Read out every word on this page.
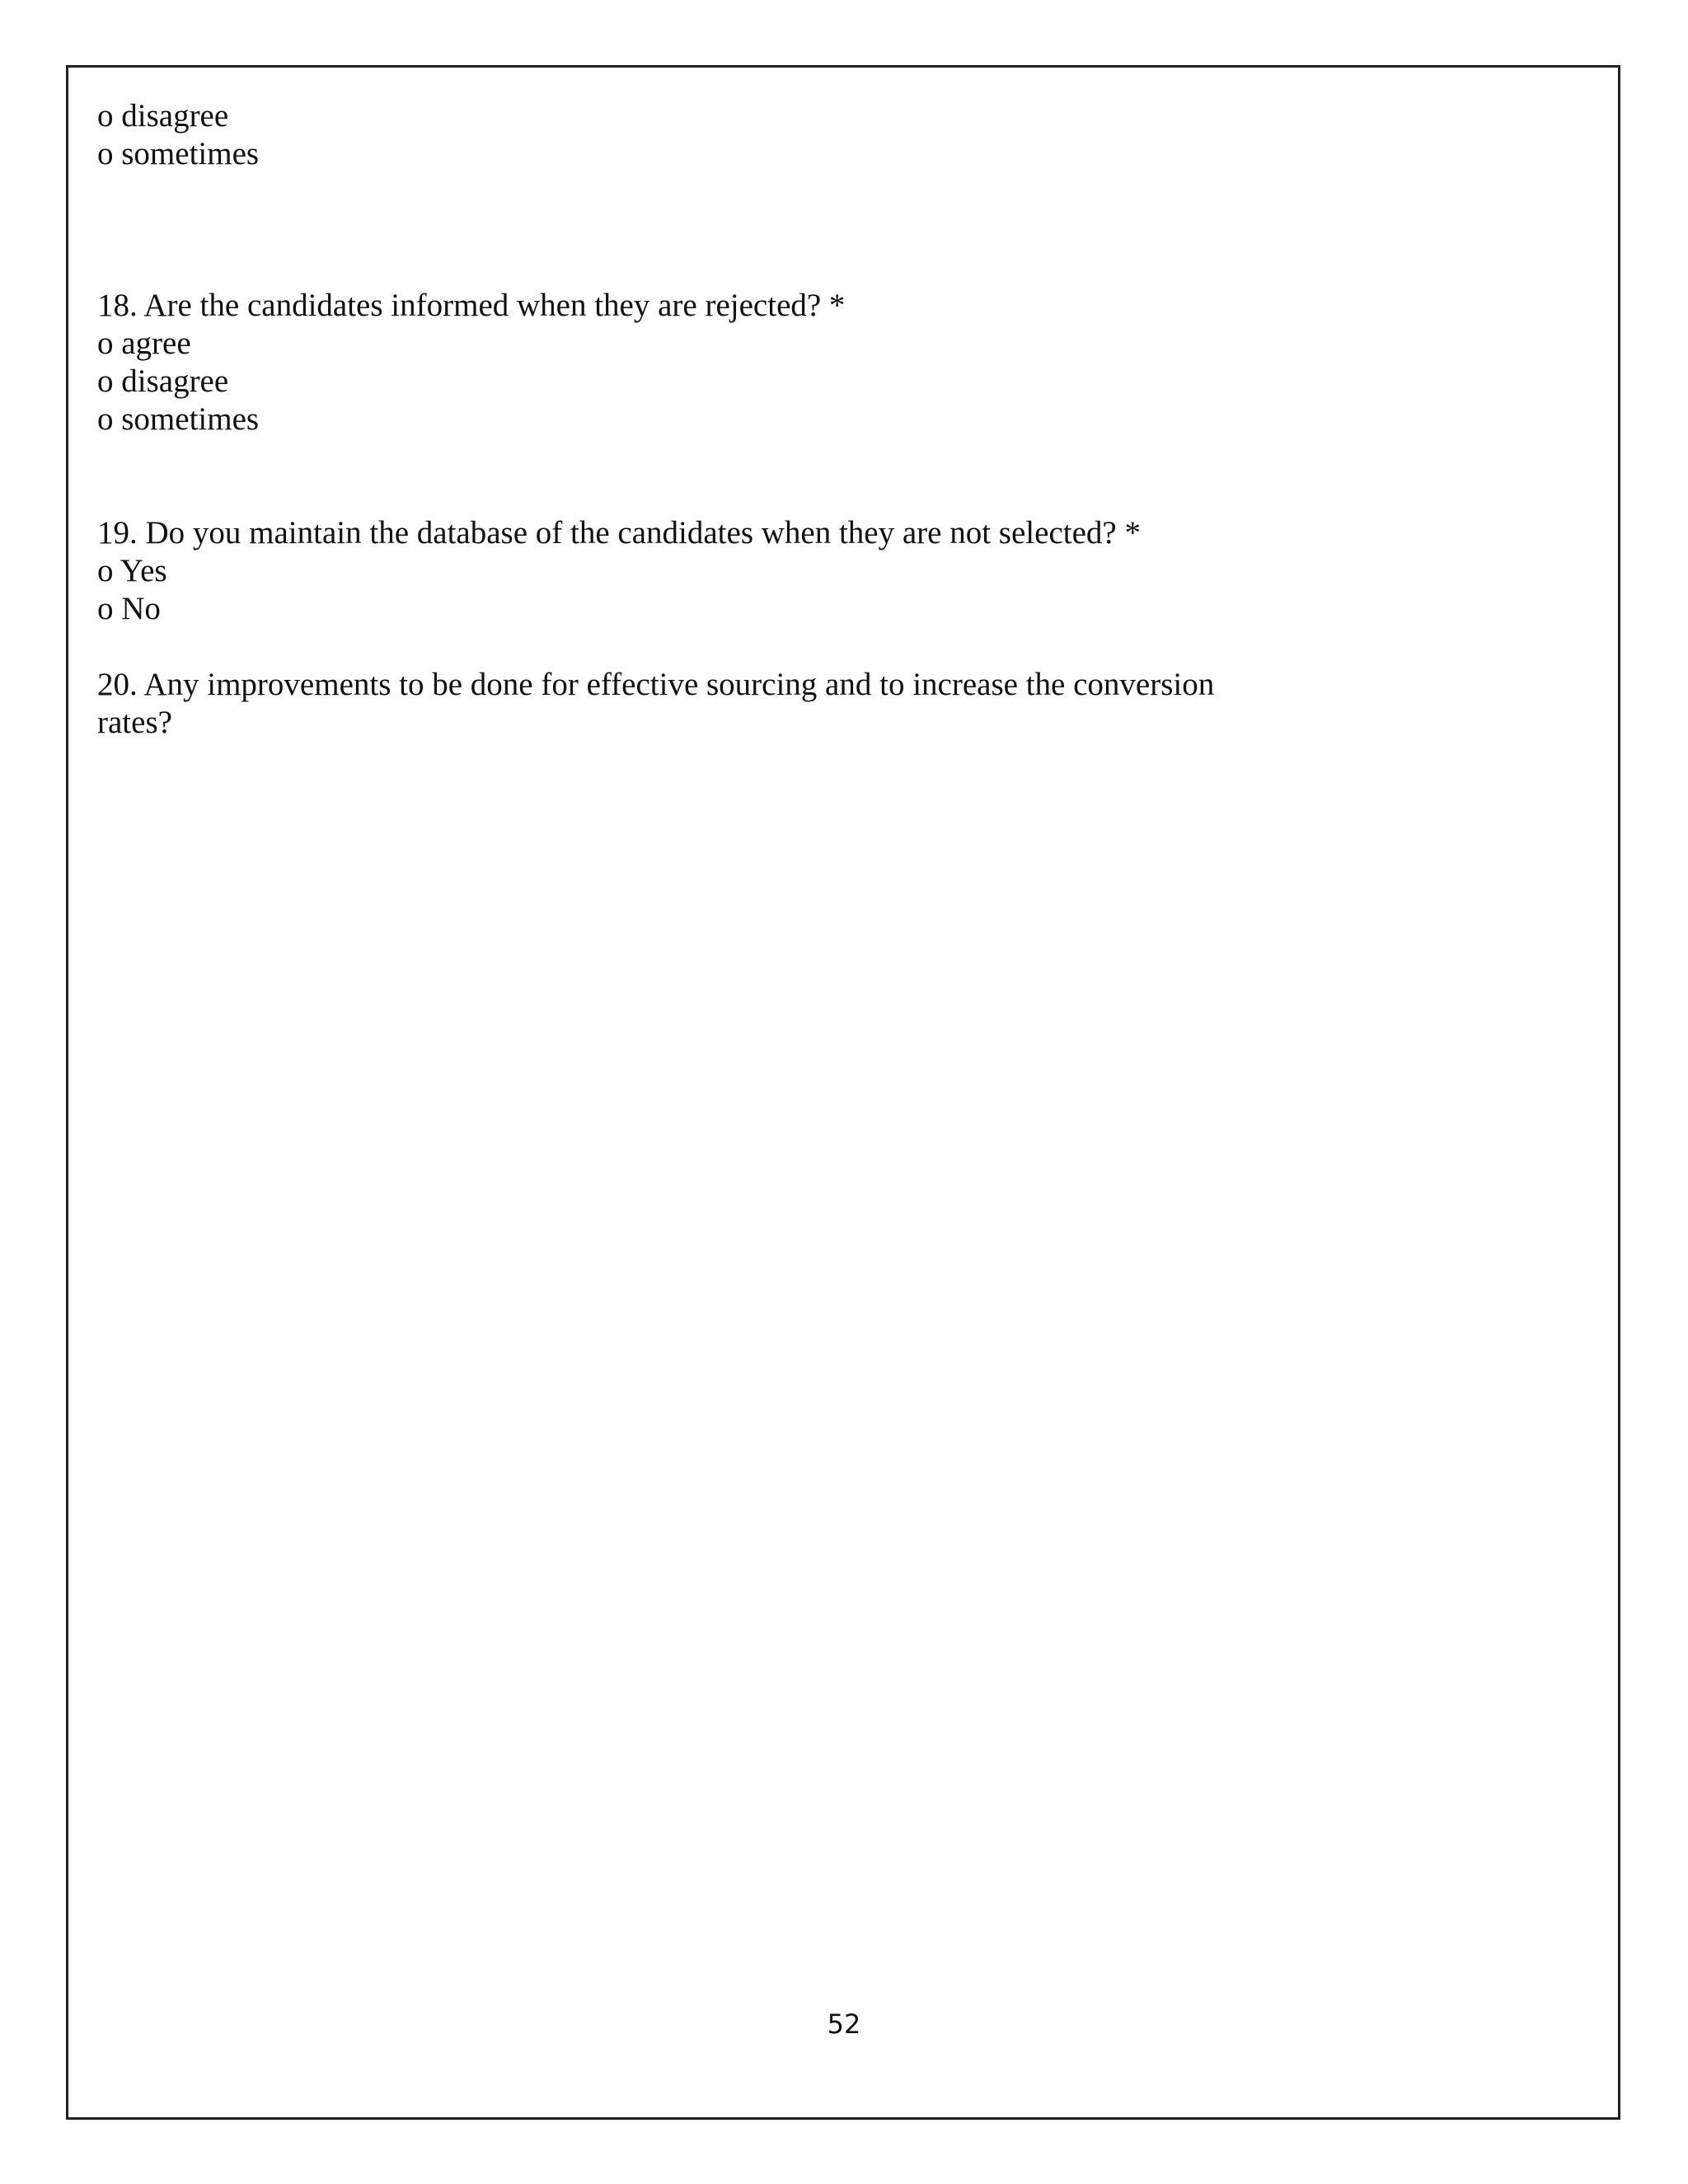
o disagree
o sometimes
18. Are the candidates informed when they are rejected? *
o agree
o disagree
o sometimes
19. Do you maintain the database of the candidates when they are not selected? *
o Yes
o No
20. Any improvements to be done for effective sourcing and to increase the conversion rates?
52
